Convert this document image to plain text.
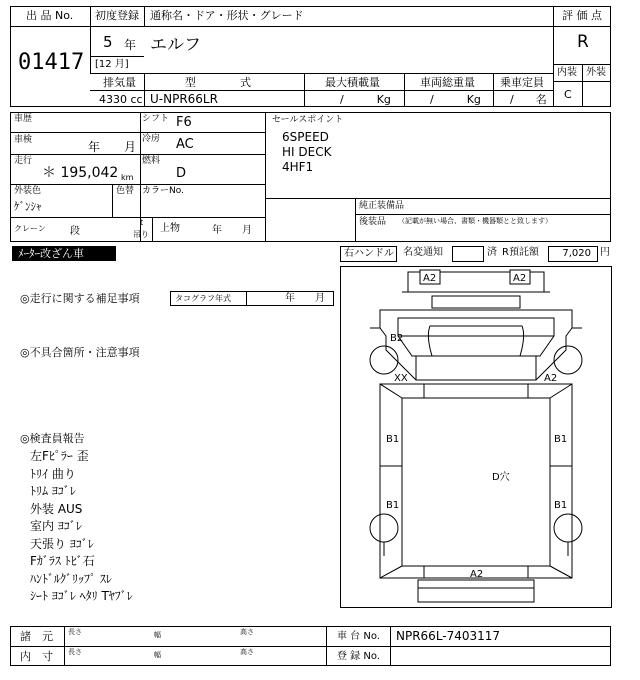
出 品 No.
01417
初度登録
5 年
[12 月]
通称名・ドア・形状・グレード
エルフ
評 価 点
R
内装 外装
C
排気量
4330 cc
型　　　　式
U-NPR66LR
最大積載量
/　　　Kg
車両総重量
/　　　Kg
乗車定員
/　　名
車歴	シフト F6
車検	年　　月
冷房 AC
走行
＊ 195,042 km
燃料
D
外装色
ｹﾞﾝｼｬ
色替 カラーNo.
クレーン 段
t
吊り
上物	年　　月
セールスポイント
6SPEED
HI DECK
4HF1
純正装備品
後装品 （記載が無い場合、書類・機器類とと致します）
ﾒｰﾀｰ改ざん車	右ハンドル 名変通知	済 R預託額 7,020 円
◎走行に関する補足事項	タコグラフ年式	年　　月
◎不具合箇所・注意事項
◎検査員報告
左Fﾋﾟﾗｰ 歪
ﾄﾘｲ 曲り
ﾄﾘﾑ ﾖｺﾞﾚ
外装 AUS
室内 ﾖｺﾞﾚ
天張り ﾖｺﾞﾚ
Fｶﾞﾗｽ ﾄﾋﾞ石
ﾊﾝﾄﾞﾙｸﾞﾘｯﾌﾟ ｽﾚ
ｼｰﾄ ﾖｺﾞﾚ ﾍﾀﾘ Tﾔﾌﾞﾚ
A2	A2
B2
XX	A2
B1	B1
D穴
B1	B1
A2
諸　元
内　寸
長さ	幅	高さ
長さ	幅	高さ
車 台 No. NPR66L-7403117
登 録 No.
